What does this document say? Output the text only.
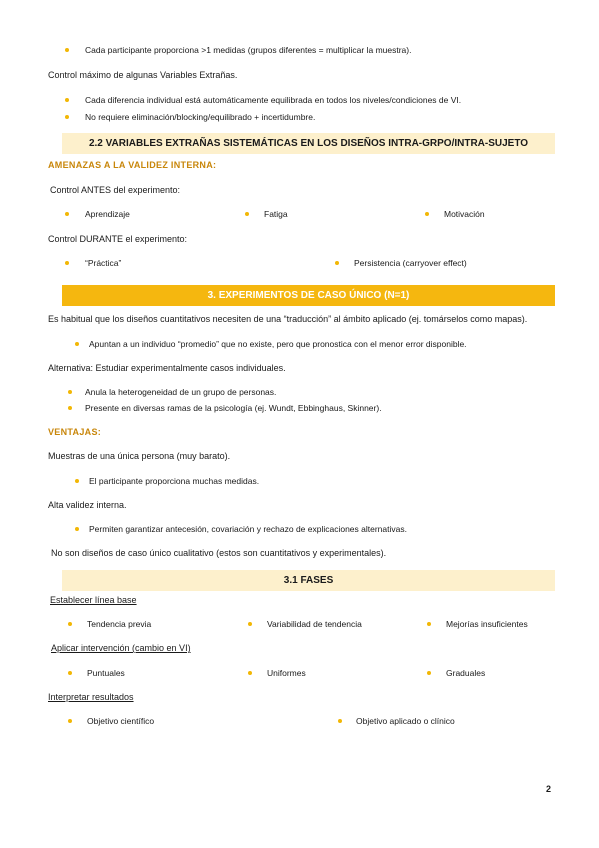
Cada participante proporciona >1 medidas (grupos diferentes = multiplicar la muestra).
Control máximo de algunas Variables Extrañas.
Cada diferencia individual está automáticamente equilibrada en todos los niveles/condiciones de VI.
No requiere eliminación/blocking/equilibrado + incertidumbre.
2.2 VARIABLES EXTRAÑAS SISTEMÁTICAS EN LOS DISEÑOS INTRA-GRPO/INTRA-SUJETO
AMENAZAS A LA VALIDEZ INTERNA:
Control ANTES del experimento:
Aprendizaje	Fatiga	Motivación
Control DURANTE el experimento:
“Práctica”	Persistencia (carryover effect)
3. EXPERIMENTOS DE CASO ÚNICO (N=1)
Es habitual que los diseños cuantitativos necesiten de una “traducción” al ámbito aplicado (ej. tomárselos como mapas).
Apuntan a un individuo “promedio” que no existe, pero que pronostica con el menor error disponible.
Alternativa: Estudiar experimentalmente casos individuales.
Anula la heterogeneidad de un grupo de personas.
Presente en diversas ramas de la psicología (ej. Wundt, Ebbinghaus, Skinner).
VENTAJAS:
Muestras de una única persona (muy barato).
El participante proporciona muchas medidas.
Alta validez interna.
Permiten garantizar antecesión, covariación y rechazo de explicaciones alternativas.
No son diseños de caso único cualitativo (estos son cuantitativos y experimentales).
3.1 FASES
Establecer línea base
Tendencia previa	Variabilidad de tendencia	Mejorías insuficientes
Aplicar intervención (cambio en VI)
Puntuales	Uniformes	Graduales
Interpretar resultados
Objetivo científico	Objetivo aplicado o clínico
2
